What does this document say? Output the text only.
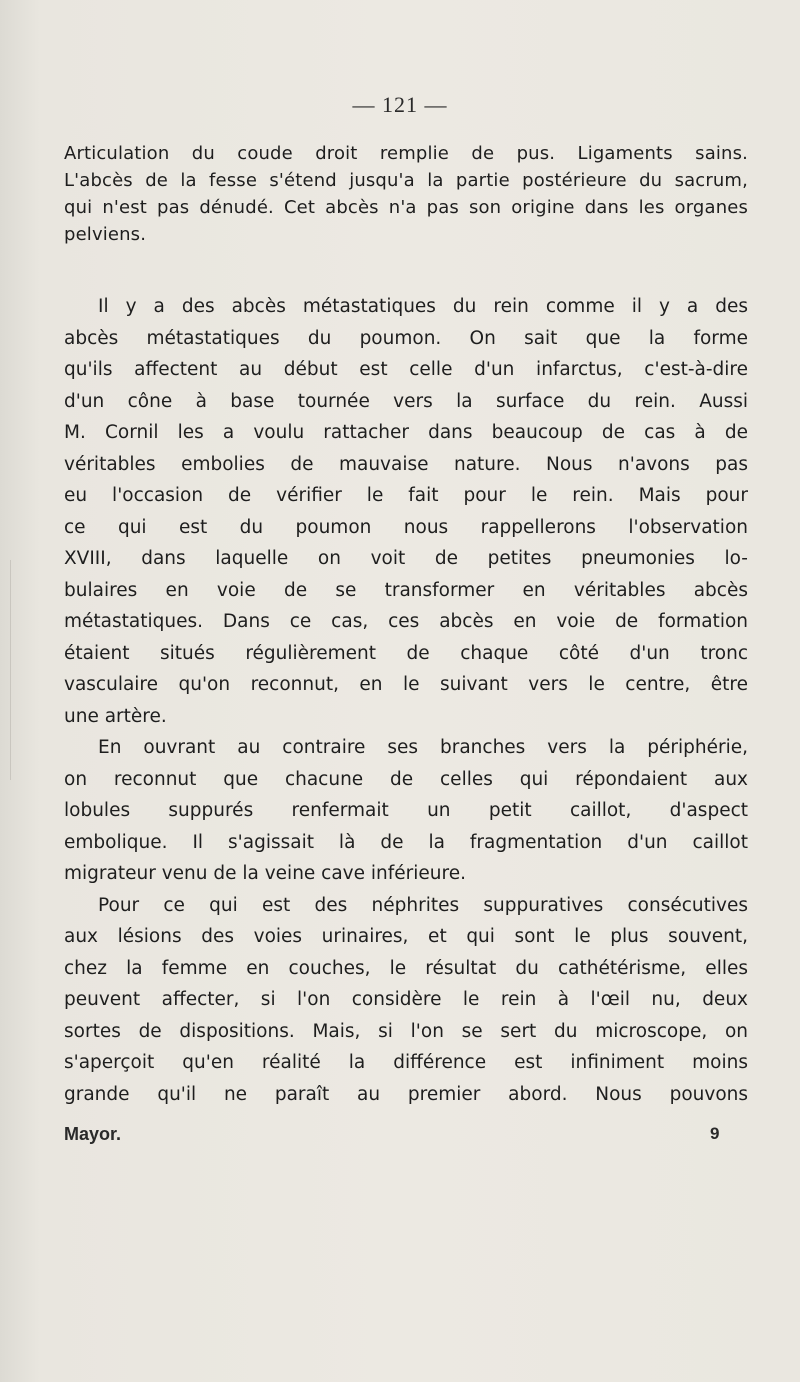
— 121 —
Articulation du coude droit remplie de pus. Ligaments sains.
L'abcès de la fesse s'étend jusqu'a la partie postérieure du sacrum,
qui n'est pas dénudé. Cet abcès n'a pas son origine dans les organes
pelviens.
Il y a des abcès métastatiques du rein comme il y a des
abcès métastatiques du poumon. On sait que la forme
qu'ils affectent au début est celle d'un infarctus, c'est-à-dire
d'un cône à base tournée vers la surface du rein. Aussi
M. Cornil les a voulu rattacher dans beaucoup de cas à de
véritables embolies de mauvaise nature. Nous n'avons pas
eu l'occasion de vérifier le fait pour le rein. Mais pour
ce qui est du poumon nous rappellerons l'observation
XVIII, dans laquelle on voit de petites pneumonies lo-
bulaires en voie de se transformer en véritables abcès
métastatiques. Dans ce cas, ces abcès en voie de formation
étaient situés régulièrement de chaque côté d'un tronc
vasculaire qu'on reconnut, en le suivant vers le centre, être
une artère.
En ouvrant au contraire ses branches vers la périphérie,
on reconnut que chacune de celles qui répondaient aux
lobules suppurés renfermait un petit caillot, d'aspect
embolique. Il s'agissait là de la fragmentation d'un caillot
migrateur venu de la veine cave inférieure.
Pour ce qui est des néphrites suppuratives consécutives
aux lésions des voies urinaires, et qui sont le plus souvent,
chez la femme en couches, le résultat du cathétérisme, elles
peuvent affecter, si l'on considère le rein à l'œil nu, deux
sortes de dispositions. Mais, si l'on se sert du microscope, on
s'aperçoit qu'en réalité la différence est infiniment moins
grande qu'il ne paraît au premier abord. Nous pouvons
Mayor.	9
